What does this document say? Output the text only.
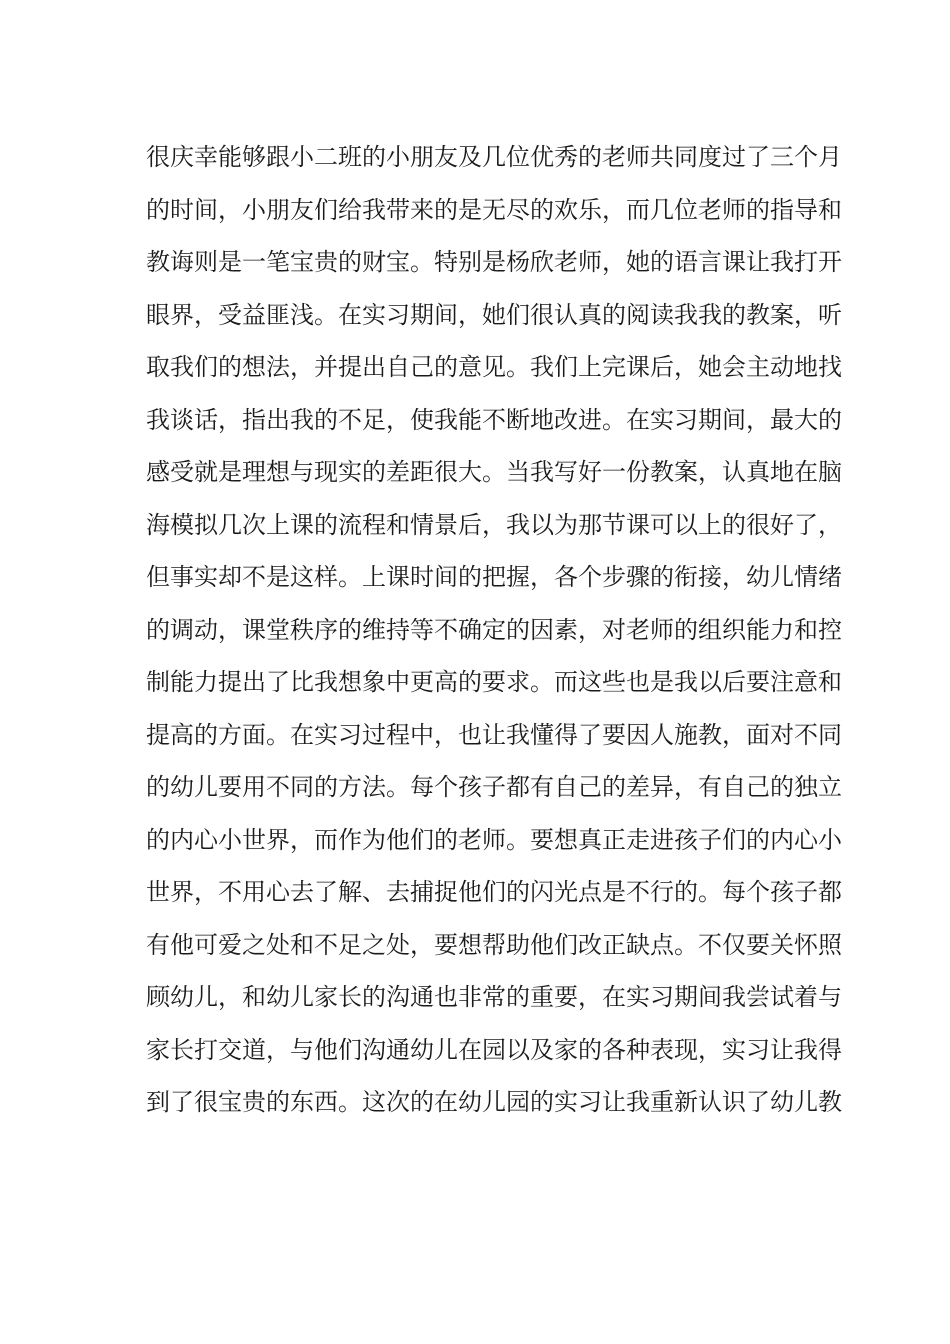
很庆幸能够跟小二班的小朋友及几位优秀的老师共同度过了三个月
的时间，小朋友们给我带来的是无尽的欢乐，而几位老师的指导和
教诲则是一笔宝贵的财宝。特别是杨欣老师，她的语言课让我打开
眼界，受益匪浅。在实习期间，她们很认真的阅读我我的教案，听
取我们的想法，并提出自己的意见。我们上完课后，她会主动地找
我谈话，指出我的不足，使我能不断地改进。在实习期间，最大的
感受就是理想与现实的差距很大。当我写好一份教案，认真地在脑
海模拟几次上课的流程和情景后，我以为那节课可以上的很好了，
但事实却不是这样。上课时间的把握，各个步骤的衔接，幼儿情绪
的调动，课堂秩序的维持等不确定的因素，对老师的组织能力和控
制能力提出了比我想象中更高的要求。而这些也是我以后要注意和
提高的方面。在实习过程中，也让我懂得了要因人施教，面对不同
的幼儿要用不同的方法。每个孩子都有自己的差异，有自己的独立
的内心小世界，而作为他们的老师。要想真正走进孩子们的内心小
世界，不用心去了解、去捕捉他们的闪光点是不行的。每个孩子都
有他可爱之处和不足之处，要想帮助他们改正缺点。不仅要关怀照
顾幼儿，和幼儿家长的沟通也非常的重要，在实习期间我尝试着与
家长打交道，与他们沟通幼儿在园以及家的各种表现，实习让我得
到了很宝贵的东西。这次的在幼儿园的实习让我重新认识了幼儿教
